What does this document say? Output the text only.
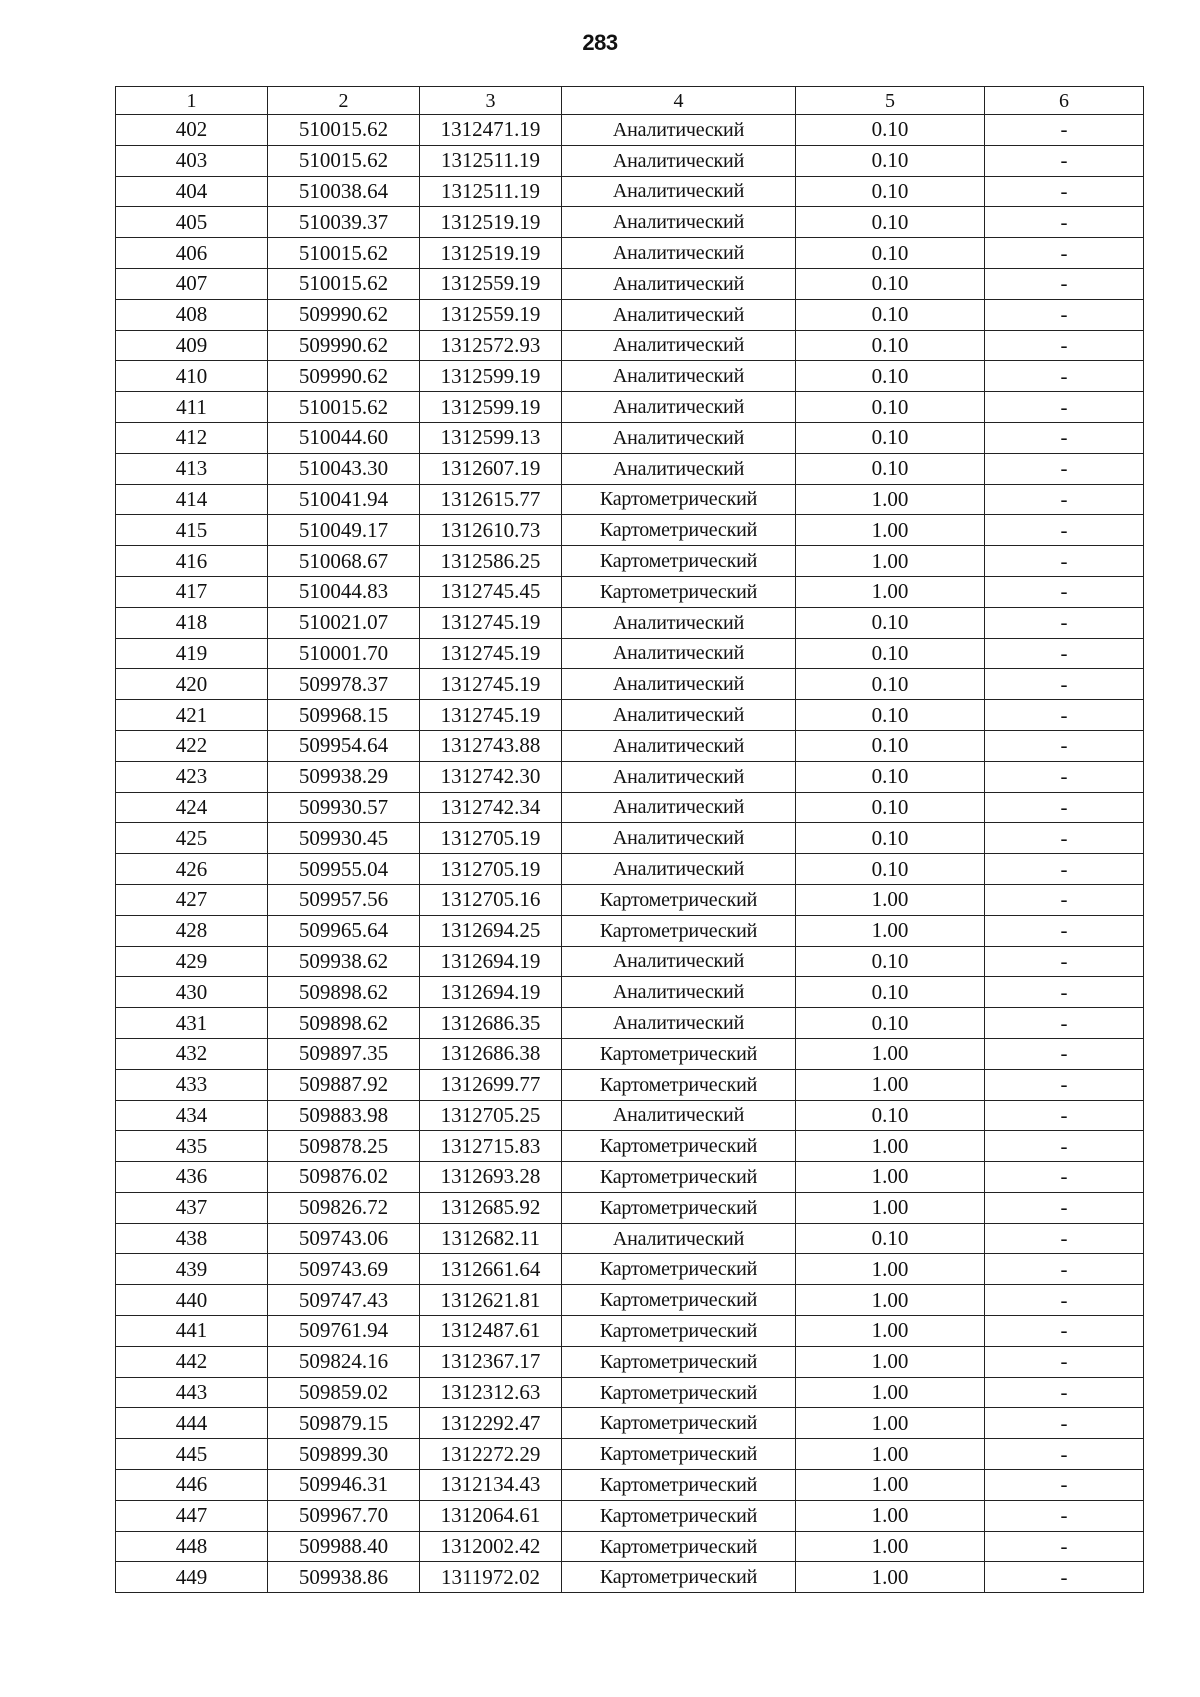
283
1	2	3	4	5	6
402	510015.62	1312471.19	Аналитический	0.10	-
403	510015.62	1312511.19	Аналитический	0.10	-
404	510038.64	1312511.19	Аналитический	0.10	-
405	510039.37	1312519.19	Аналитический	0.10	-
406	510015.62	1312519.19	Аналитический	0.10	-
407	510015.62	1312559.19	Аналитический	0.10	-
408	509990.62	1312559.19	Аналитический	0.10	-
409	509990.62	1312572.93	Аналитический	0.10	-
410	509990.62	1312599.19	Аналитический	0.10	-
411	510015.62	1312599.19	Аналитический	0.10	-
412	510044.60	1312599.13	Аналитический	0.10	-
413	510043.30	1312607.19	Аналитический	0.10	-
414	510041.94	1312615.77	Картометрический	1.00	-
415	510049.17	1312610.73	Картометрический	1.00	-
416	510068.67	1312586.25	Картометрический	1.00	-
417	510044.83	1312745.45	Картометрический	1.00	-
418	510021.07	1312745.19	Аналитический	0.10	-
419	510001.70	1312745.19	Аналитический	0.10	-
420	509978.37	1312745.19	Аналитический	0.10	-
421	509968.15	1312745.19	Аналитический	0.10	-
422	509954.64	1312743.88	Аналитический	0.10	-
423	509938.29	1312742.30	Аналитический	0.10	-
424	509930.57	1312742.34	Аналитический	0.10	-
425	509930.45	1312705.19	Аналитический	0.10	-
426	509955.04	1312705.19	Аналитический	0.10	-
427	509957.56	1312705.16	Картометрический	1.00	-
428	509965.64	1312694.25	Картометрический	1.00	-
429	509938.62	1312694.19	Аналитический	0.10	-
430	509898.62	1312694.19	Аналитический	0.10	-
431	509898.62	1312686.35	Аналитический	0.10	-
432	509897.35	1312686.38	Картометрический	1.00	-
433	509887.92	1312699.77	Картометрический	1.00	-
434	509883.98	1312705.25	Аналитический	0.10	-
435	509878.25	1312715.83	Картометрический	1.00	-
436	509876.02	1312693.28	Картометрический	1.00	-
437	509826.72	1312685.92	Картометрический	1.00	-
438	509743.06	1312682.11	Аналитический	0.10	-
439	509743.69	1312661.64	Картометрический	1.00	-
440	509747.43	1312621.81	Картометрический	1.00	-
441	509761.94	1312487.61	Картометрический	1.00	-
442	509824.16	1312367.17	Картометрический	1.00	-
443	509859.02	1312312.63	Картометрический	1.00	-
444	509879.15	1312292.47	Картометрический	1.00	-
445	509899.30	1312272.29	Картометрический	1.00	-
446	509946.31	1312134.43	Картометрический	1.00	-
447	509967.70	1312064.61	Картометрический	1.00	-
448	509988.40	1312002.42	Картометрический	1.00	-
449	509938.86	1311972.02	Картометрический	1.00	-
